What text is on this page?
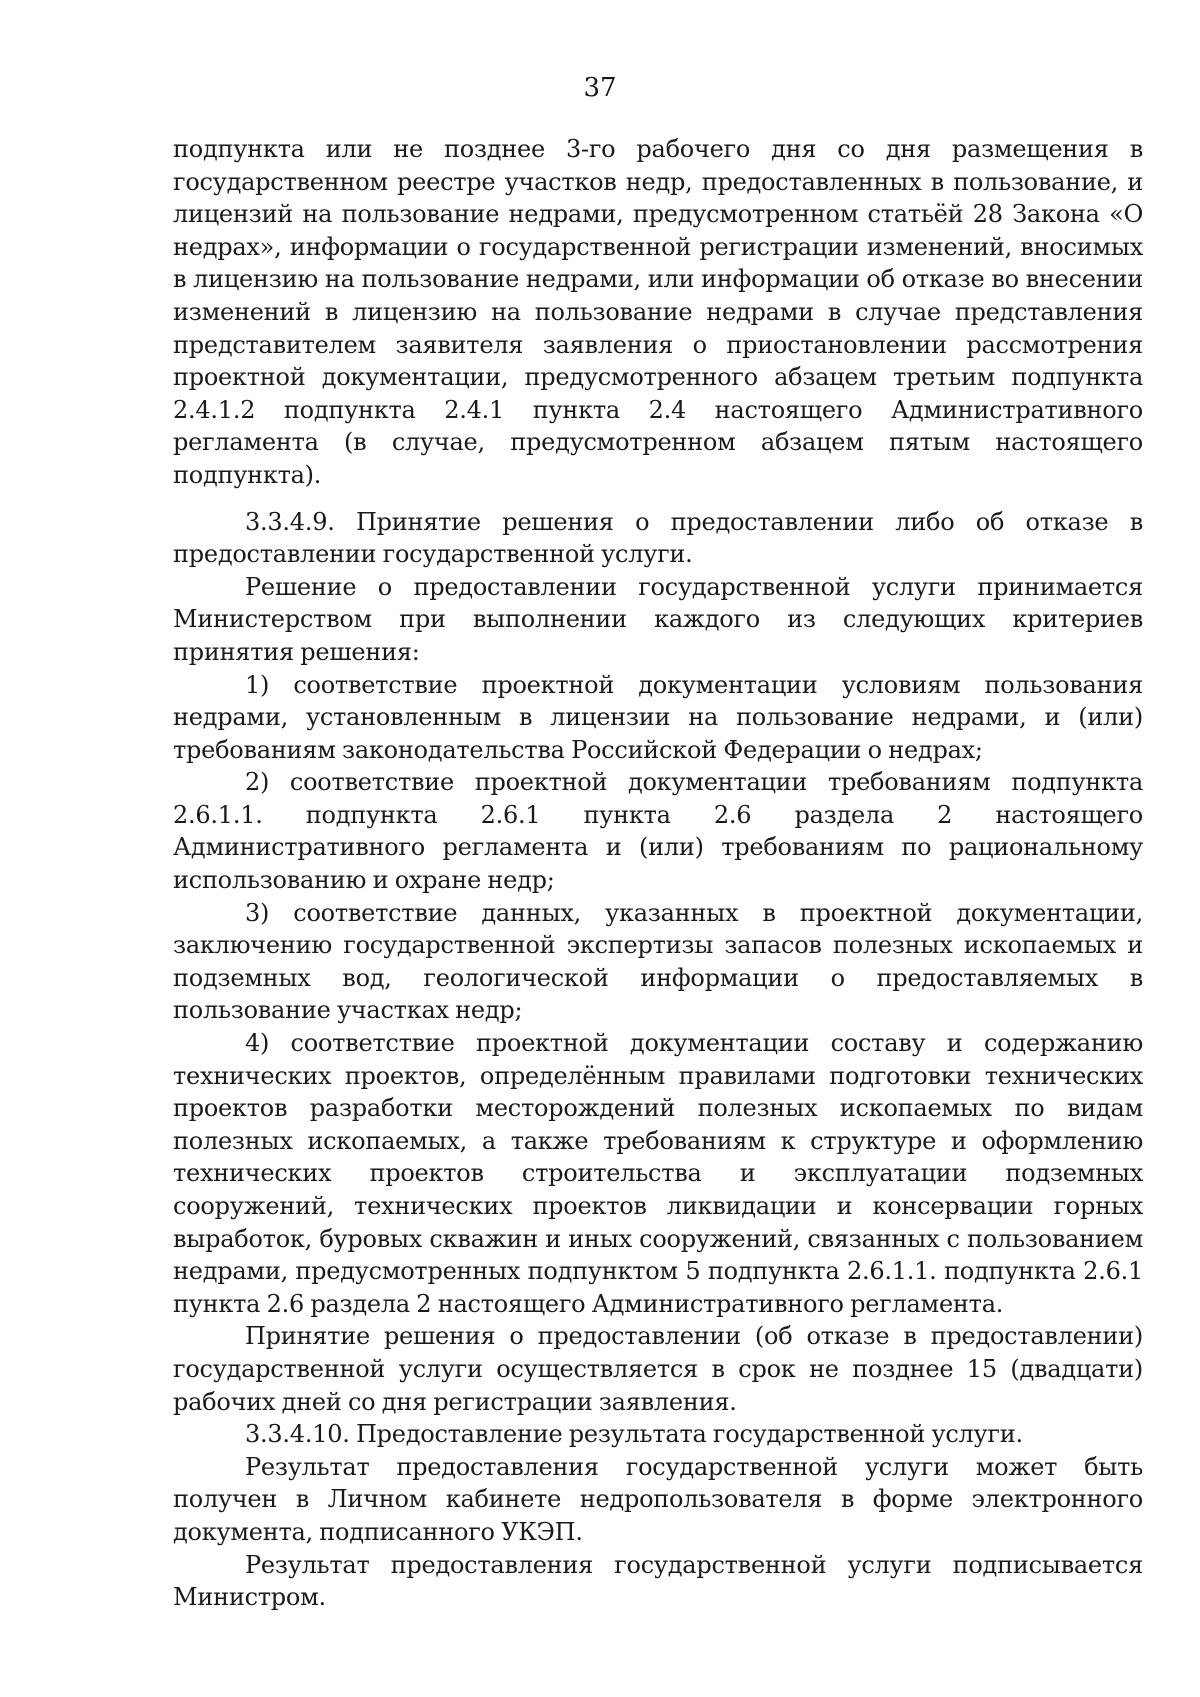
37

подпункта или не позднее 3-го рабочего дня со дня размещения в государственном реестре участков недр, предоставленных в пользование, и лицензий на пользование недрами, предусмотренном статьёй 28 Закона «О недрах», информации о государственной регистрации изменений, вносимых в лицензию на пользование недрами, или информации об отказе во внесении изменений в лицензию на пользование недрами в случае представления представителем заявителя заявления о приостановлении рассмотрения проектной документации, предусмотренного абзацем третьим подпункта 2.4.1.2 подпункта 2.4.1 пункта 2.4 настоящего Административного регламента (в случае, предусмотренном абзацем пятым настоящего подпункта).

3.3.4.9. Принятие решения о предоставлении либо об отказе в предоставлении государственной услуги.

Решение о предоставлении государственной услуги принимается Министерством при выполнении каждого из следующих критериев принятия решения:

1) соответствие проектной документации условиям пользования недрами, установленным в лицензии на пользование недрами, и (или) требованиям законодательства Российской Федерации о недрах;

2) соответствие проектной документации требованиям подпункта 2.6.1.1. подпункта 2.6.1 пункта 2.6 раздела 2 настоящего Административного регламента и (или) требованиям по рациональному использованию и охране недр;

3) соответствие данных, указанных в проектной документации, заключению государственной экспертизы запасов полезных ископаемых и подземных вод, геологической информации о предоставляемых в пользование участках недр;

4) соответствие проектной документации составу и содержанию технических проектов, определённым правилами подготовки технических проектов разработки месторождений полезных ископаемых по видам полезных ископаемых, а также требованиям к структуре и оформлению технических проектов строительства и эксплуатации подземных сооружений, технических проектов ликвидации и консервации горных выработок, буровых скважин и иных сооружений, связанных с пользованием недрами, предусмотренных подпунктом 5 подпункта 2.6.1.1. подпункта 2.6.1 пункта 2.6 раздела 2 настоящего Административного регламента.

Принятие решения о предоставлении (об отказе в предоставлении) государственной услуги осуществляется в срок не позднее 15 (двадцати) рабочих дней со дня регистрации заявления.

3.3.4.10. Предоставление результата государственной услуги.

Результат предоставления государственной услуги может быть получен в Личном кабинете недропользователя в форме электронного документа, подписанного УКЭП.

Результат предоставления государственной услуги подписывается Министром.
